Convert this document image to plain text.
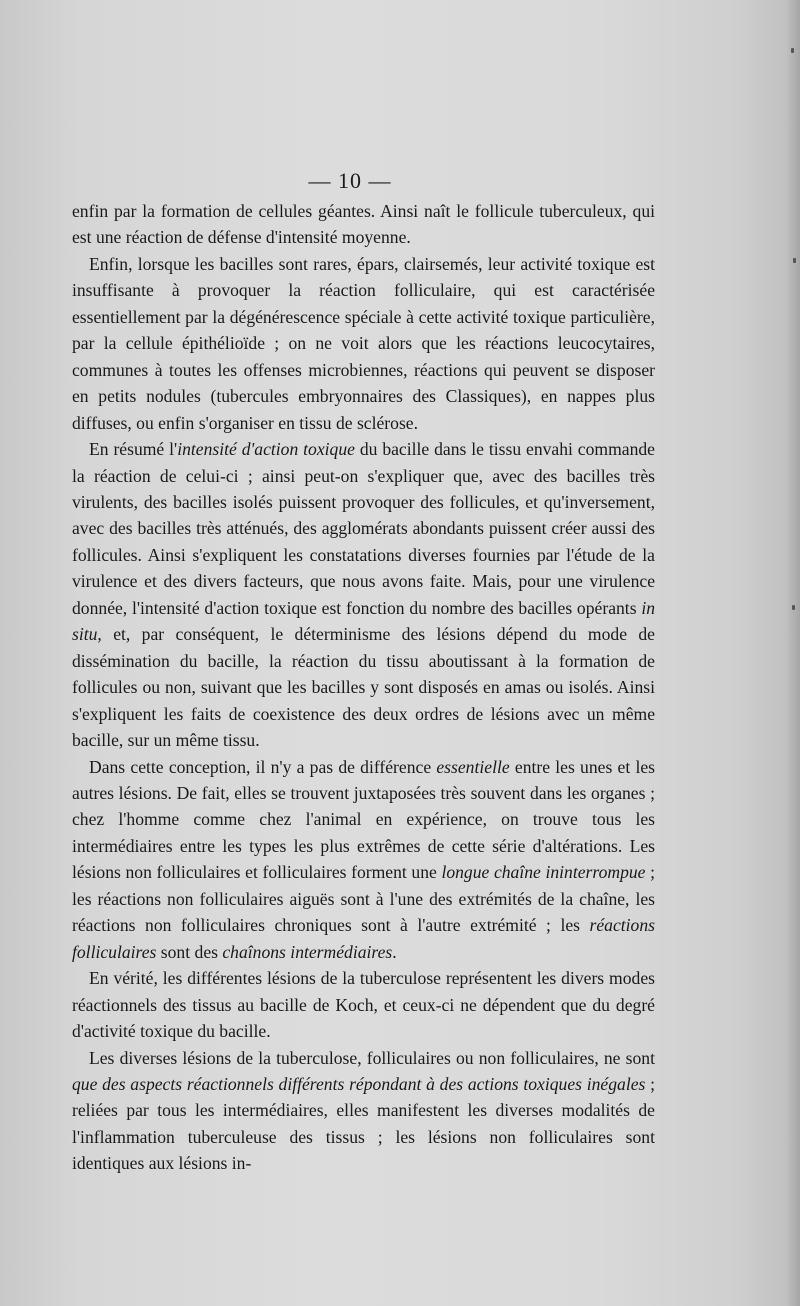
— 10 —

enfin par la formation de cellules géantes. Ainsi naît le follicule tuberculeux, qui est une réaction de défense d'intensité moyenne.

Enfin, lorsque les bacilles sont rares, épars, clairsemés, leur activité toxique est insuffisante à provoquer la réaction folliculaire, qui est caractérisée essentiellement par la dégénérescence spéciale à cette activité toxique particulière, par la cellule épithélioïde ; on ne voit alors que les réactions leucocytaires, communes à toutes les offenses microbiennes, réactions qui peuvent se disposer en petits nodules (tubercules embryonnaires des Classiques), en nappes plus diffuses, ou enfin s'organiser en tissu de sclérose.

En résumé l'intensité d'action toxique du bacille dans le tissu envahi commande la réaction de celui-ci ; ainsi peut-on s'expliquer que, avec des bacilles très virulents, des bacilles isolés puissent provoquer des follicules, et qu'inversement, avec des bacilles très atténués, des agglomérats abondants puissent créer aussi des follicules. Ainsi s'expliquent les constatations diverses fournies par l'étude de la virulence et des divers facteurs, que nous avons faite. Mais, pour une virulence donnée, l'intensité d'action toxique est fonction du nombre des bacilles opérants in situ, et, par conséquent, le déterminisme des lésions dépend du mode de dissémination du bacille, la réaction du tissu aboutissant à la formation de follicules ou non, suivant que les bacilles y sont disposés en amas ou isolés. Ainsi s'expliquent les faits de coexistence des deux ordres de lésions avec un même bacille, sur un même tissu.

Dans cette conception, il n'y a pas de différence essentielle entre les unes et les autres lésions. De fait, elles se trouvent juxtaposées très souvent dans les organes ; chez l'homme comme chez l'animal en expérience, on trouve tous les intermédiaires entre les types les plus extrêmes de cette série d'altérations. Les lésions non folliculaires et folliculaires forment une longue chaîne ininterrompue ; les réactions non folliculaires aiguës sont à l'une des extrémités de la chaîne, les réactions non folliculaires chroniques sont à l'autre extrémité ; les réactions folliculaires sont des chaînons intermédiaires.

En vérité, les différentes lésions de la tuberculose représentent les divers modes réactionnels des tissus au bacille de Koch, et ceux-ci ne dépendent que du degré d'activité toxique du bacille.

Les diverses lésions de la tuberculose, folliculaires ou non folliculaires, ne sont que des aspects réactionnels différents répondant à des actions toxiques inégales ; reliées par tous les intermédiaires, elles manifestent les diverses modalités de l'inflammation tuberculeuse des tissus ; les lésions non folliculaires sont identiques aux lésions in-
